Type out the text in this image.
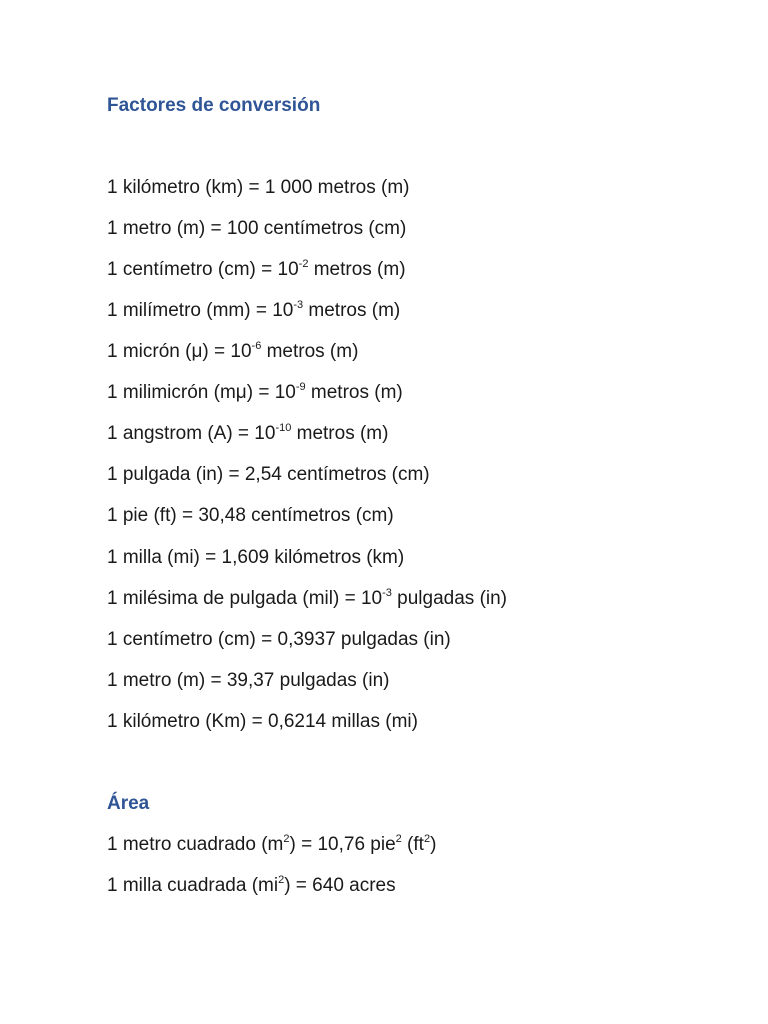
Factores de conversión
1 kilómetro (km) = 1 000 metros (m)
1 metro (m) = 100 centímetros (cm)
1 centímetro $(cm) = 10^{-2}$ metros (m)
1 milímetro $(mm) = 10^{-3}$ metros (m)
1 micrón $(\mu) = 10^{-6}$ metros (m)
1 milimicrón $(m\mu) = 10^{-9}$ metros (m)
1 angstrom $(A) = 10^{-10}$ metros (m)
1 pulgada (in) = 2,54 centímetros (cm)
1 pie (ft) = 30,48 centímetros (cm)
1 milla (mi) = 1,609 kilómetros (km)
1 milésima de pulgada $(mil) = 10^{-3}$ pulgadas (in)
1 centímetro (cm) = 0,3937 pulgadas (in)
1 metro (m) = 39,37 pulgadas (in)
1 kilómetro (Km) = 0,6214 millas (mi)
Área
1 metro cuadrado $(m^2) = 10,76$ pie$^2$ $(ft^2)$
1 milla cuadrada $(mi^2) = 640$ acres
